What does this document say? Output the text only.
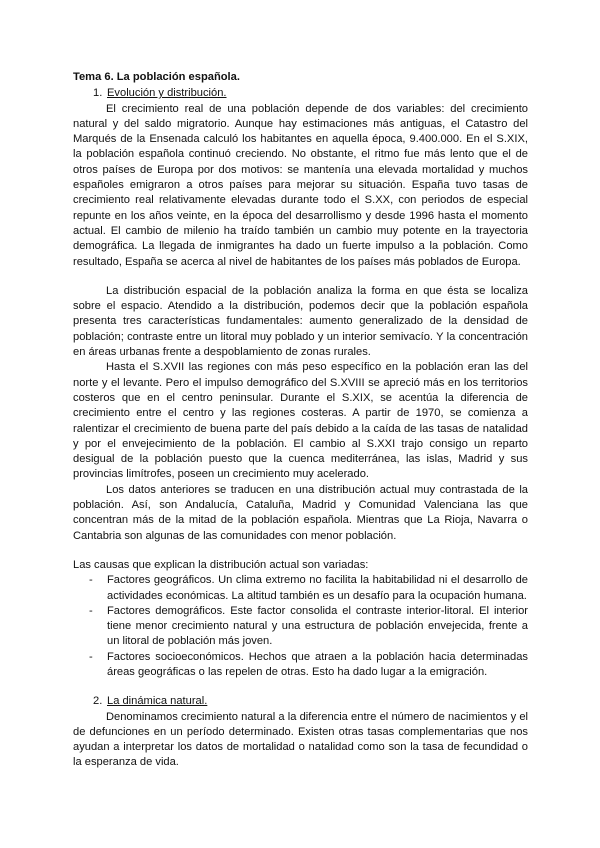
Tema 6. La población española.
1. Evolución y distribución.

El crecimiento real de una población depende de dos variables: del crecimiento natural y del saldo migratorio. Aunque hay estimaciones más antiguas, el Catastro del Marqués de la Ensenada calculó los habitantes en aquella época, 9.400.000. En el S.XIX, la población española continuó creciendo. No obstante, el ritmo fue más lento que el de otros países de Europa por dos motivos: se mantenía una elevada mortalidad y muchos españoles emigraron a otros países para mejorar su situación. España tuvo tasas de crecimiento real relativamente elevadas durante todo el S.XX, con periodos de especial repunte en los años veinte, en la época del desarrollismo y desde 1996 hasta el momento actual. El cambio de milenio ha traído también un cambio muy potente en la trayectoria demográfica. La llegada de inmigrantes ha dado un fuerte impulso a la población. Como resultado, España se acerca al nivel de habitantes de los países más poblados de Europa.

La distribución espacial de la población analiza la forma en que ésta se localiza sobre el espacio. Atendido a la distribución, podemos decir que la población española presenta tres características fundamentales: aumento generalizado de la densidad de población; contraste entre un litoral muy poblado y un interior semivacío. Y la concentración en áreas urbanas frente a despoblamiento de zonas rurales.

Hasta el S.XVII las regiones con más peso específico en la población eran las del norte y el levante. Pero el impulso demográfico del S.XVIII se apreció más en los territorios costeros que en el centro peninsular. Durante el S.XIX, se acentúa la diferencia de crecimiento entre el centro y las regiones costeras. A partir de 1970, se comienza a ralentizar el crecimiento de buena parte del país debido a la caída de las tasas de natalidad y por el envejecimiento de la población. El cambio al S.XXI trajo consigo un reparto desigual de la población puesto que la cuenca mediterránea, las islas, Madrid y sus provincias limítrofes, poseen un crecimiento muy acelerado.

Los datos anteriores se traducen en una distribución actual muy contrastada de la población. Así, son Andalucía, Cataluña, Madrid y Comunidad Valenciana las que concentran más de la mitad de la población española. Mientras que La Rioja, Navarra o Cantabria son algunas de las comunidades con menor población.

Las causas que explican la distribución actual son variadas:

- Factores geográficos. Un clima extremo no facilita la habitabilidad ni el desarrollo de actividades económicas. La altitud también es un desafío para la ocupación humana.
- Factores demográficos. Este factor consolida el contraste interior-litoral. El interior tiene menor crecimiento natural y una estructura de población envejecida, frente a un litoral de población más joven.
- Factores socioeconómicos. Hechos que atraen a la población hacia determinadas áreas geográficas o las repelen de otras. Esto ha dado lugar a la emigración.
2. La dinámica natural.

Denominamos crecimiento natural a la diferencia entre el número de nacimientos y el de defunciones en un período determinado. Existen otras tasas complementarias que nos ayudan a interpretar los datos de mortalidad o natalidad como son la tasa de fecundidad o la esperanza de vida.
